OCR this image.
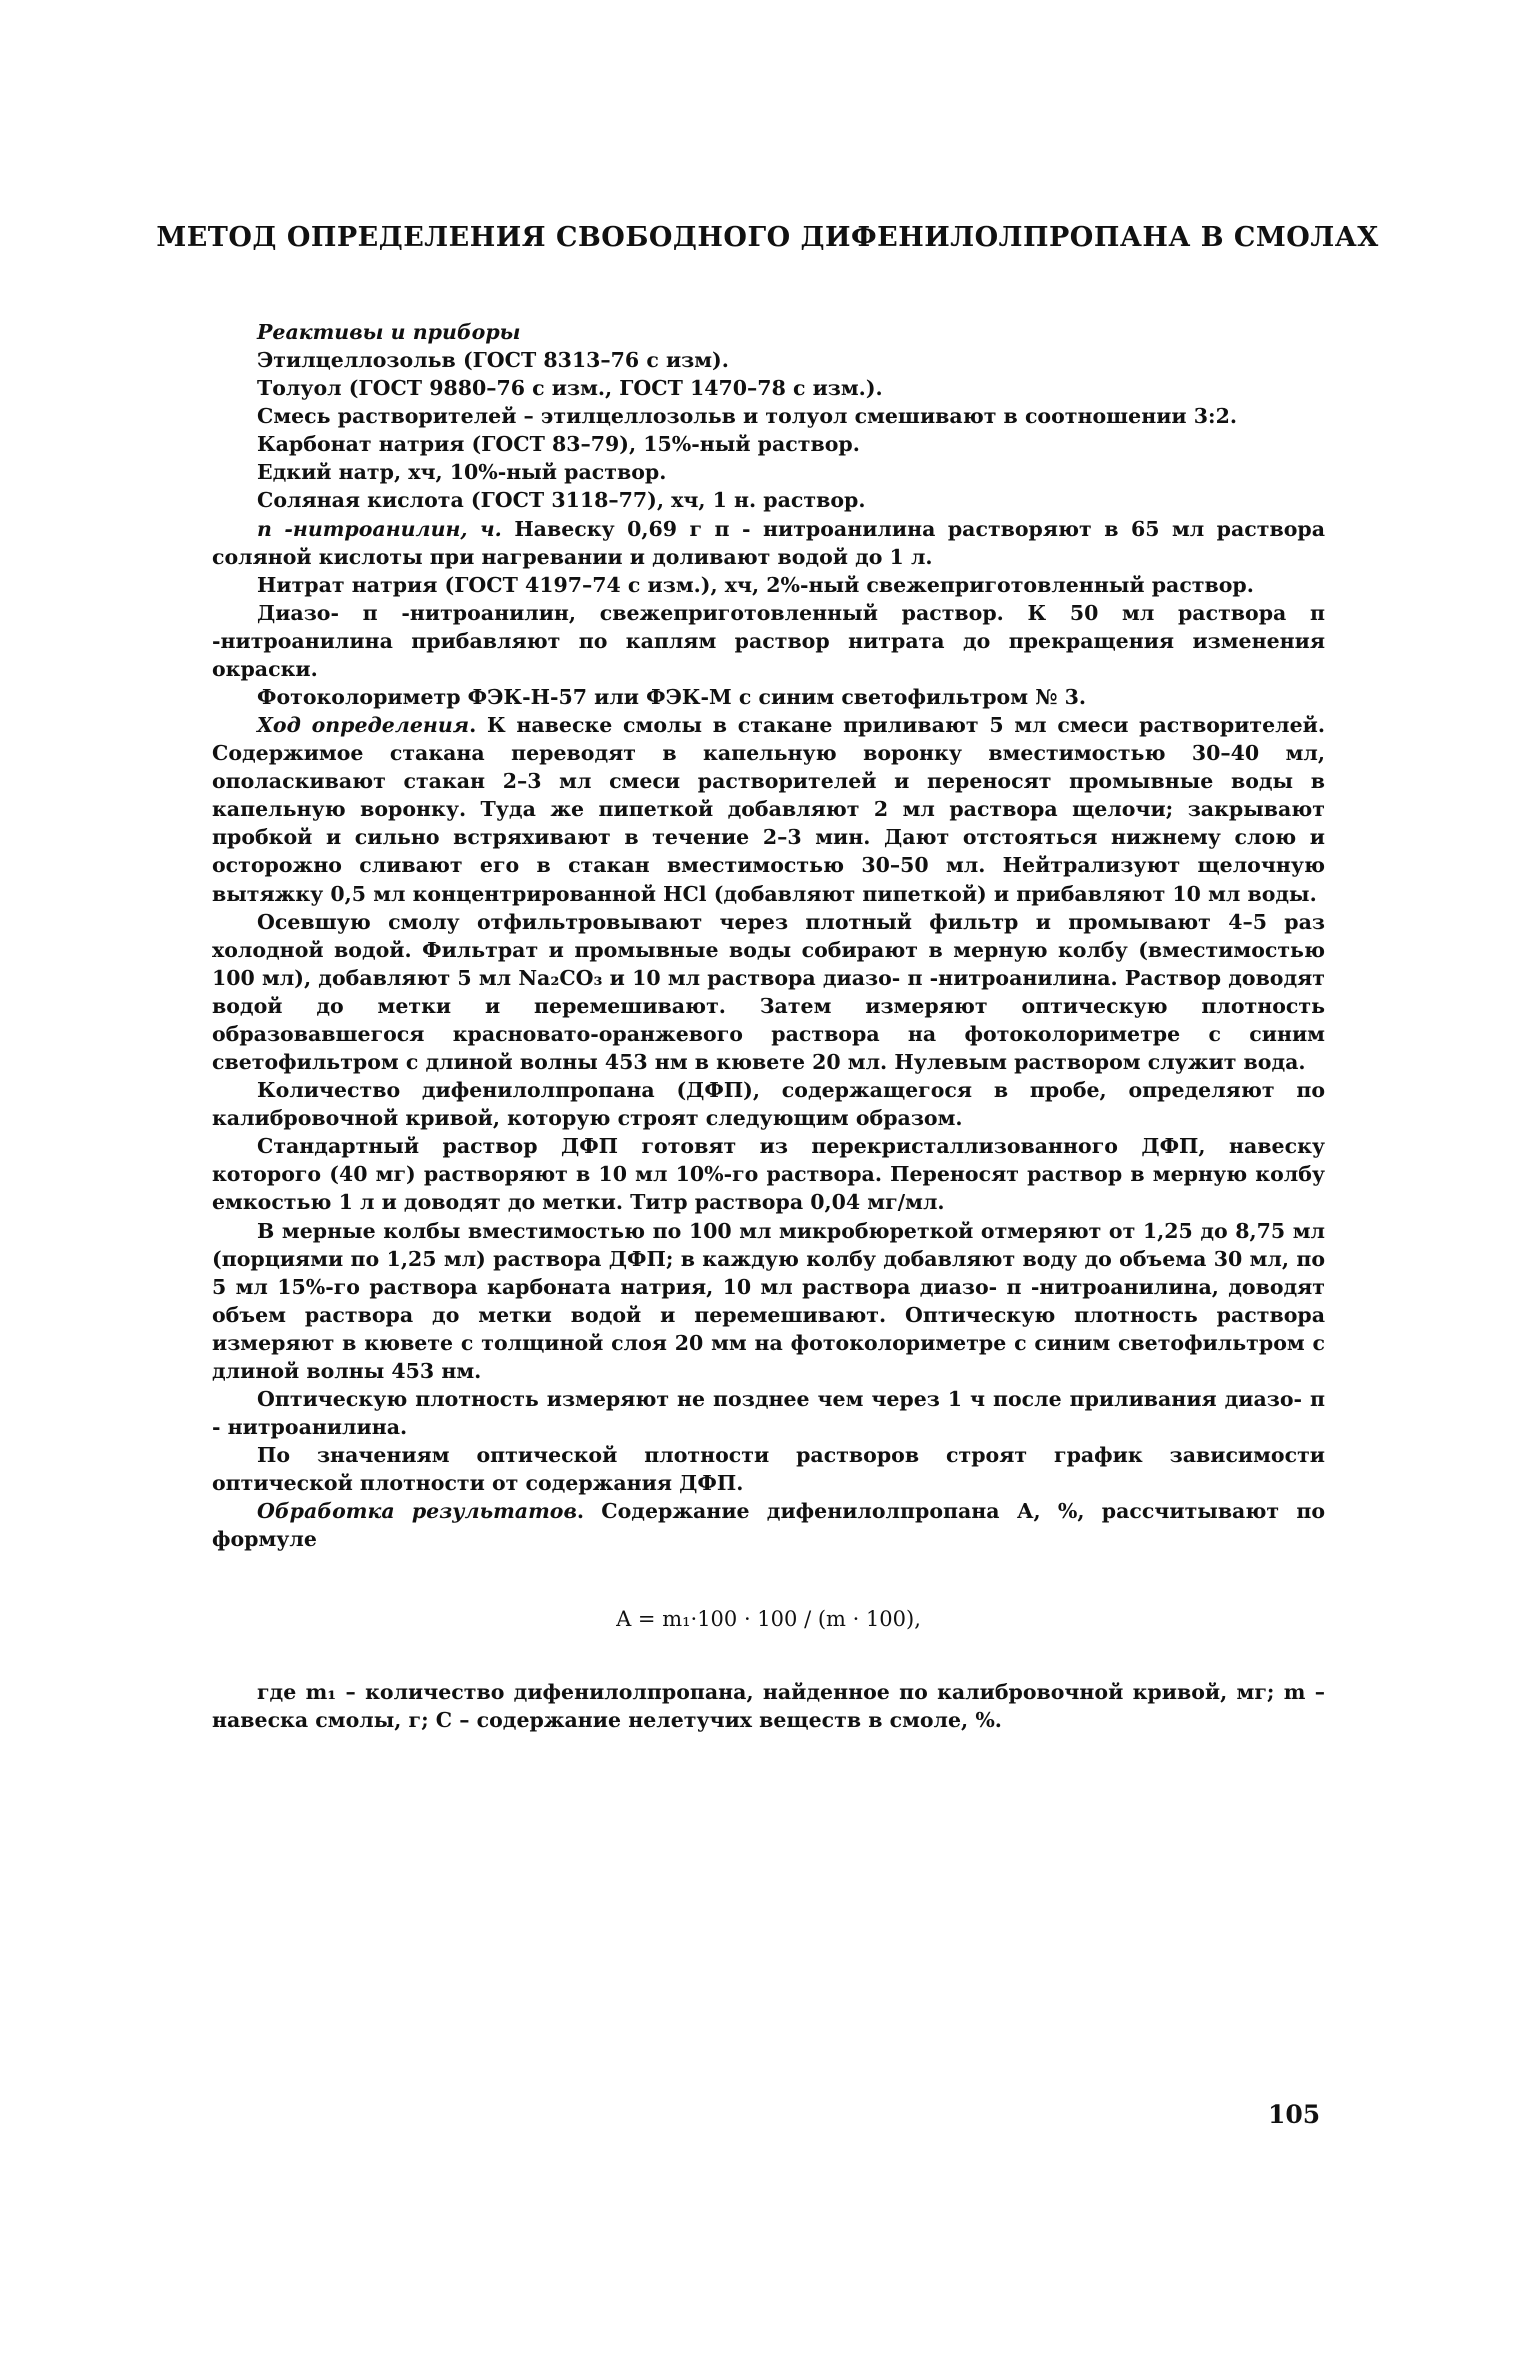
МЕТОД ОПРЕДЕЛЕНИЯ СВОБОДНОГО ДИФЕНИЛОЛПРОПАНА В СМОЛАХ

Реактивы и приборы

Этилцеллозольв (ГОСТ 8313–76 с изм).

Толуол (ГОСТ 9880–76 с изм., ГОСТ 1470–78 с изм.).

Смесь растворителей – этилцеллозольв и толуол смешивают в соотношении 3:2.

Карбонат натрия (ГОСТ 83–79), 15%-ный раствор.

Едкий натр, хч, 10%-ный раствор.

Соляная кислота (ГОСТ 3118–77), хч, 1 н. раствор.

п -нитроанилин, ч. Навеску 0,69 г п - нитроанилина растворяют в 65 мл раствора соляной кислоты при нагревании и доливают водой до 1 л.

Нитрат натрия (ГОСТ 4197–74 с изм.), хч, 2%-ный свежеприготовленный раствор.

Диазо- п -нитроанилин, свежеприготовленный раствор. К 50 мл раствора п -нитроанилина прибавляют по каплям раствор нитрата до прекращения изменения окраски.

Фотоколориметр ФЭК-Н-57 или ФЭК-М с синим светофильтром № 3.

Ход определения. К навеске смолы в стакане приливают 5 мл смеси растворителей. Содержимое стакана переводят в капельную воронку вместимостью 30–40 мл, ополаскивают стакан 2–3 мл смеси растворителей и переносят промывные воды в капельную воронку. Туда же пипеткой добавляют 2 мл раствора щелочи; закрывают пробкой и сильно встряхивают в течение 2–3 мин. Дают отстояться нижнему слою и осторожно сливают его в стакан вместимостью 30–50 мл. Нейтрализуют щелочную вытяжку 0,5 мл концентрированной HCl (добавляют пипеткой) и прибавляют 10 мл воды.

Осевшую смолу отфильтровывают через плотный фильтр и промывают 4–5 раз холодной водой. Фильтрат и промывные воды собирают в мерную колбу (вместимостью 100 мл), добавляют 5 мл Na₂CO₃ и 10 мл раствора диазо- п -нитроанилина. Раствор доводят водой до метки и перемешивают. Затем измеряют оптическую плотность образовавшегося красновато-оранжевого раствора на фотоколориметре с синим светофильтром с длиной волны 453 нм в кювете 20 мл. Нулевым раствором служит вода.

Количество дифенилолпропана (ДФП), содержащегося в пробе, определяют по калибровочной кривой, которую строят следующим образом.

Стандартный раствор ДФП готовят из перекристаллизованного ДФП, навеску которого (40 мг) растворяют в 10 мл 10%-го раствора. Переносят раствор в мерную колбу емкостью 1 л и доводят до метки. Титр раствора 0,04 мг/мл.

В мерные колбы вместимостью по 100 мл микробюреткой отмеряют от 1,25 до 8,75 мл (порциями по 1,25 мл) раствора ДФП; в каждую колбу добавляют воду до объема 30 мл, по 5 мл 15%-го раствора карбоната натрия, 10 мл раствора диазо- п -нитроанилина, доводят объем раствора до метки водой и перемешивают. Оптическую плотность раствора измеряют в кювете с толщиной слоя 20 мм на фотоколориметре с синим светофильтром с длиной волны 453 нм.

Оптическую плотность измеряют не позднее чем через 1 ч после приливания диазо- п - нитроанилина.

По значениям оптической плотности растворов строят график зависимости оптической плотности от содержания ДФП.

Обработка результатов. Содержание дифенилолпропана А, %, рассчитывают по формуле

A = m₁·100 · 100 / (m · 100),

где m₁ – количество дифенилолпропана, найденное по калибровочной кривой, мг; m – навеска смолы, г; С – содержание нелетучих веществ в смоле, %.

105
